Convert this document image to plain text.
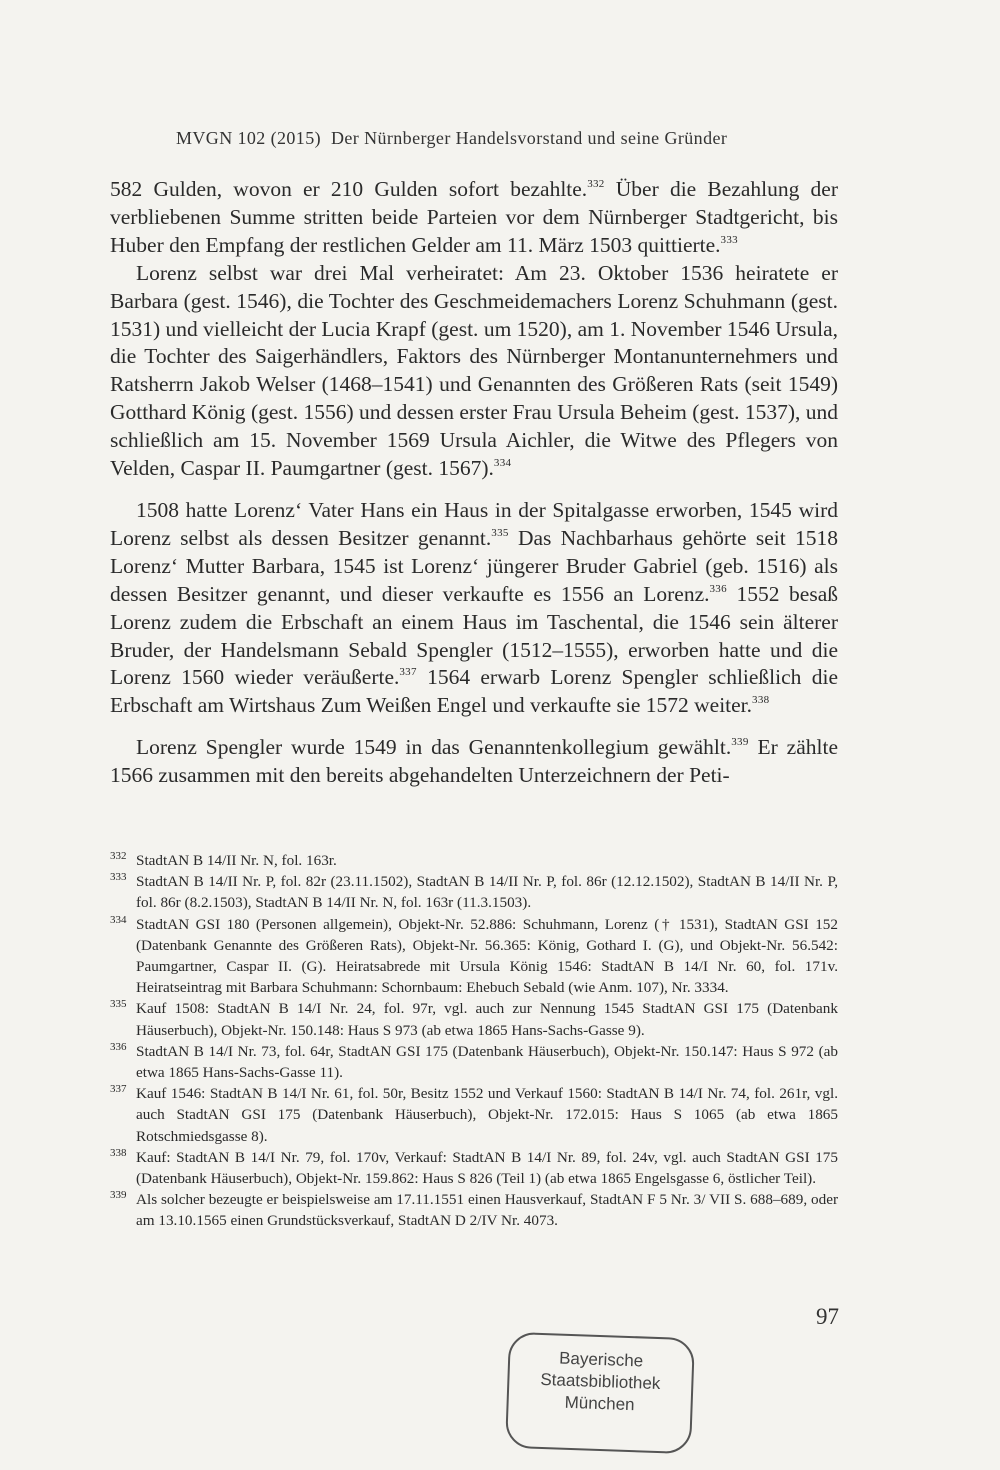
MVGN 102 (2015) Der Nürnberger Handelsvorstand und seine Gründer

582 Gulden, wovon er 210 Gulden sofort bezahlte.$^{332}$ Über die Bezahlung der verbliebenen Summe stritten beide Parteien vor dem Nürnberger Stadtgericht, bis Huber den Empfang der restlichen Gelder am 11. März 1503 quittierte.$^{333}$

Lorenz selbst war drei Mal verheiratet: Am 23. Oktober 1536 heiratete er Barbara (gest. 1546), die Tochter des Geschmeidemachers Lorenz Schuhmann (gest. 1531) und vielleicht der Lucia Krapf (gest. um 1520), am 1. November 1546 Ursula, die Tochter des Saigerhändlers, Faktors des Nürnberger Montanunternehmers und Ratsherrn Jakob Welser (1468–1541) und Genannten des Größeren Rats (seit 1549) Gotthard König (gest. 1556) und dessen erster Frau Ursula Beheim (gest. 1537), und schließlich am 15. November 1569 Ursula Aichler, die Witwe des Pflegers von Velden, Caspar II. Paumgartner (gest. 1567).$^{334}$

1508 hatte Lorenz‘ Vater Hans ein Haus in der Spitalgasse erworben, 1545 wird Lorenz selbst als dessen Besitzer genannt.$^{335}$ Das Nachbarhaus gehörte seit 1518 Lorenz‘ Mutter Barbara, 1545 ist Lorenz‘ jüngerer Bruder Gabriel (geb. 1516) als dessen Besitzer genannt, und dieser verkaufte es 1556 an Lorenz.$^{336}$ 1552 besaß Lorenz zudem die Erbschaft an einem Haus im Taschental, die 1546 sein älterer Bruder, der Handelsmann Sebald Spengler (1512–1555), erworben hatte und die Lorenz 1560 wieder veräußerte.$^{337}$ 1564 erwarb Lorenz Spengler schließlich die Erbschaft am Wirtshaus Zum Weißen Engel und verkaufte sie 1572 weiter.$^{338}$

Lorenz Spengler wurde 1549 in das Genanntenkollegium gewählt.$^{339}$ Er zählte 1566 zusammen mit den bereits abgehandelten Unterzeichnern der Peti-

332 StadtAN B 14/II Nr. N, fol. 163r.

333 StadtAN B 14/II Nr. P, fol. 82r (23.11.1502), StadtAN B 14/II Nr. P, fol. 86r (12.12.1502), StadtAN B 14/II Nr. P, fol. 86r (8.2.1503), StadtAN B 14/II Nr. N, fol. 163r (11.3.1503).

334 StadtAN GSI 180 (Personen allgemein), Objekt-Nr. 52.886: Schuhmann, Lorenz († 1531), StadtAN GSI 152 (Datenbank Genannte des Größeren Rats), Objekt-Nr. 56.365: König, Gothard I. (G), und Objekt-Nr. 56.542: Paumgartner, Caspar II. (G). Heiratsabrede mit Ursula König 1546: StadtAN B 14/I Nr. 60, fol. 171v. Heiratseintrag mit Barbara Schuhmann: Schornbaum: Ehebuch Sebald (wie Anm. 107), Nr. 3334.

335 Kauf 1508: StadtAN B 14/I Nr. 24, fol. 97r, vgl. auch zur Nennung 1545 StadtAN GSI 175 (Datenbank Häuserbuch), Objekt-Nr. 150.148: Haus S 973 (ab etwa 1865 Hans-Sachs-Gasse 9).

336 StadtAN B 14/I Nr. 73, fol. 64r, StadtAN GSI 175 (Datenbank Häuserbuch), Objekt-Nr. 150.147: Haus S 972 (ab etwa 1865 Hans-Sachs-Gasse 11).

337 Kauf 1546: StadtAN B 14/I Nr. 61, fol. 50r, Besitz 1552 und Verkauf 1560: StadtAN B 14/I Nr. 74, fol. 261r, vgl. auch StadtAN GSI 175 (Datenbank Häuserbuch), Objekt-Nr. 172.015: Haus S 1065 (ab etwa 1865 Rotschmiedsgasse 8).

338 Kauf: StadtAN B 14/I Nr. 79, fol. 170v, Verkauf: StadtAN B 14/I Nr. 89, fol. 24v, vgl. auch StadtAN GSI 175 (Datenbank Häuserbuch), Objekt-Nr. 159.862: Haus S 826 (Teil 1) (ab etwa 1865 Engelsgasse 6, östlicher Teil).

339 Als solcher bezeugte er beispielsweise am 17.11.1551 einen Hausverkauf, StadtAN F 5 Nr. 3/ VII S. 688–689, oder am 13.10.1565 einen Grundstücksverkauf, StadtAN D 2/IV Nr. 4073.

97
Bayerische
Staatsbibliothek
München
